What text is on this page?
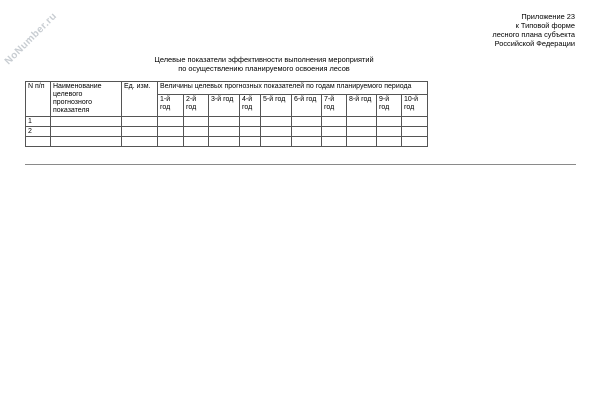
NoNumber.ru	Приложение 23
к Типовой форме
лесного плана субъекта
Российской Федерации
Целевые показатели эффективности выполнения мероприятий
по осуществлению планируемого освоения лесов
N п/п	Наименование целевого прогнозного показателя	Ед. изм.	Величины целевых прогнозных показателей по годам планируемого периода									
			1-й год	2-й год	3-й год	4-й год	5-й год	6-й год	7-й год	8-й год	9-й год	10-й год
1												
2												
